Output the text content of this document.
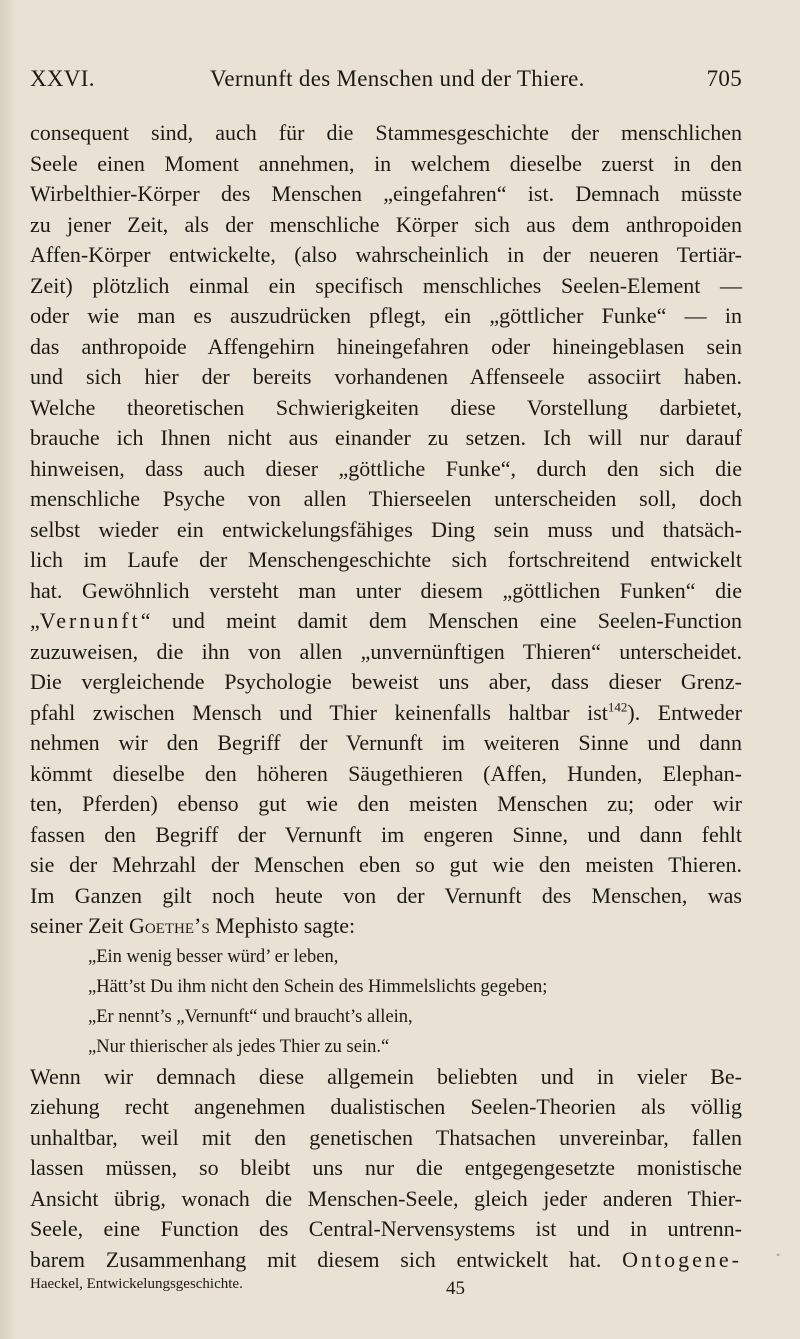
XXVI.	Vernunft des Menschen und der Thiere.	705
consequent sind, auch für die Stammesgeschichte der menschlichen
Seele einen Moment annehmen, in welchem dieselbe zuerst in den
Wirbelthier-Körper des Menschen „eingefahren“ ist. Demnach müsste
zu jener Zeit, als der menschliche Körper sich aus dem anthropoiden
Affen-Körper entwickelte, (also wahrscheinlich in der neueren Tertiär-
Zeit) plötzlich einmal ein specifisch menschliches Seelen-Element —
oder wie man es auszudrücken pflegt, ein „göttlicher Funke“ — in
das anthropoide Affengehirn hineingefahren oder hineingeblasen sein
und sich hier der bereits vorhandenen Affenseele associirt haben.
Welche theoretischen Schwierigkeiten diese Vorstellung darbietet,
brauche ich Ihnen nicht aus einander zu setzen. Ich will nur darauf
hinweisen, dass auch dieser „göttliche Funke“, durch den sich die
menschliche Psyche von allen Thierseelen unterscheiden soll, doch
selbst wieder ein entwickelungsfähiges Ding sein muss und thatsäch-
lich im Laufe der Menschengeschichte sich fortschreitend entwickelt
hat. Gewöhnlich versteht man unter diesem „göttlichen Funken“ die
„Vernunft“ und meint damit dem Menschen eine Seelen-Function
zuzuweisen, die ihn von allen „unvernünftigen Thieren“ unterscheidet.
Die vergleichende Psychologie beweist uns aber, dass dieser Grenz-
pfahl zwischen Mensch und Thier keinenfalls haltbar ist$^{142}$). Entweder
nehmen wir den Begriff der Vernunft im weiteren Sinne und dann
kömmt dieselbe den höheren Säugethieren (Affen, Hunden, Elephan-
ten, Pferden) ebenso gut wie den meisten Menschen zu; oder wir
fassen den Begriff der Vernunft im engeren Sinne, und dann fehlt
sie der Mehrzahl der Menschen eben so gut wie den meisten Thieren.
Im Ganzen gilt noch heute von der Vernunft des Menschen, was
seiner Zeit Goethe’s Mephisto sagte:
„Ein wenig besser würd’ er leben,
„Hätt’st Du ihm nicht den Schein des Himmelslichts gegeben;
„Er nennt’s „Vernunft“ und braucht’s allein,
„Nur thierischer als jedes Thier zu sein.“
Wenn wir demnach diese allgemein beliebten und in vieler Be-
ziehung recht angenehmen dualistischen Seelen-Theorien als völlig
unhaltbar, weil mit den genetischen Thatsachen unvereinbar, fallen
lassen müssen, so bleibt uns nur die entgegengesetzte monistische
Ansicht übrig, wonach die Menschen-Seele, gleich jeder anderen Thier-
Seele, eine Function des Central-Nervensystems ist und in untrenn-
barem Zusammenhang mit diesem sich entwickelt hat. Ontogene-
Haeckel, Entwickelungsgeschichte.	45
•
